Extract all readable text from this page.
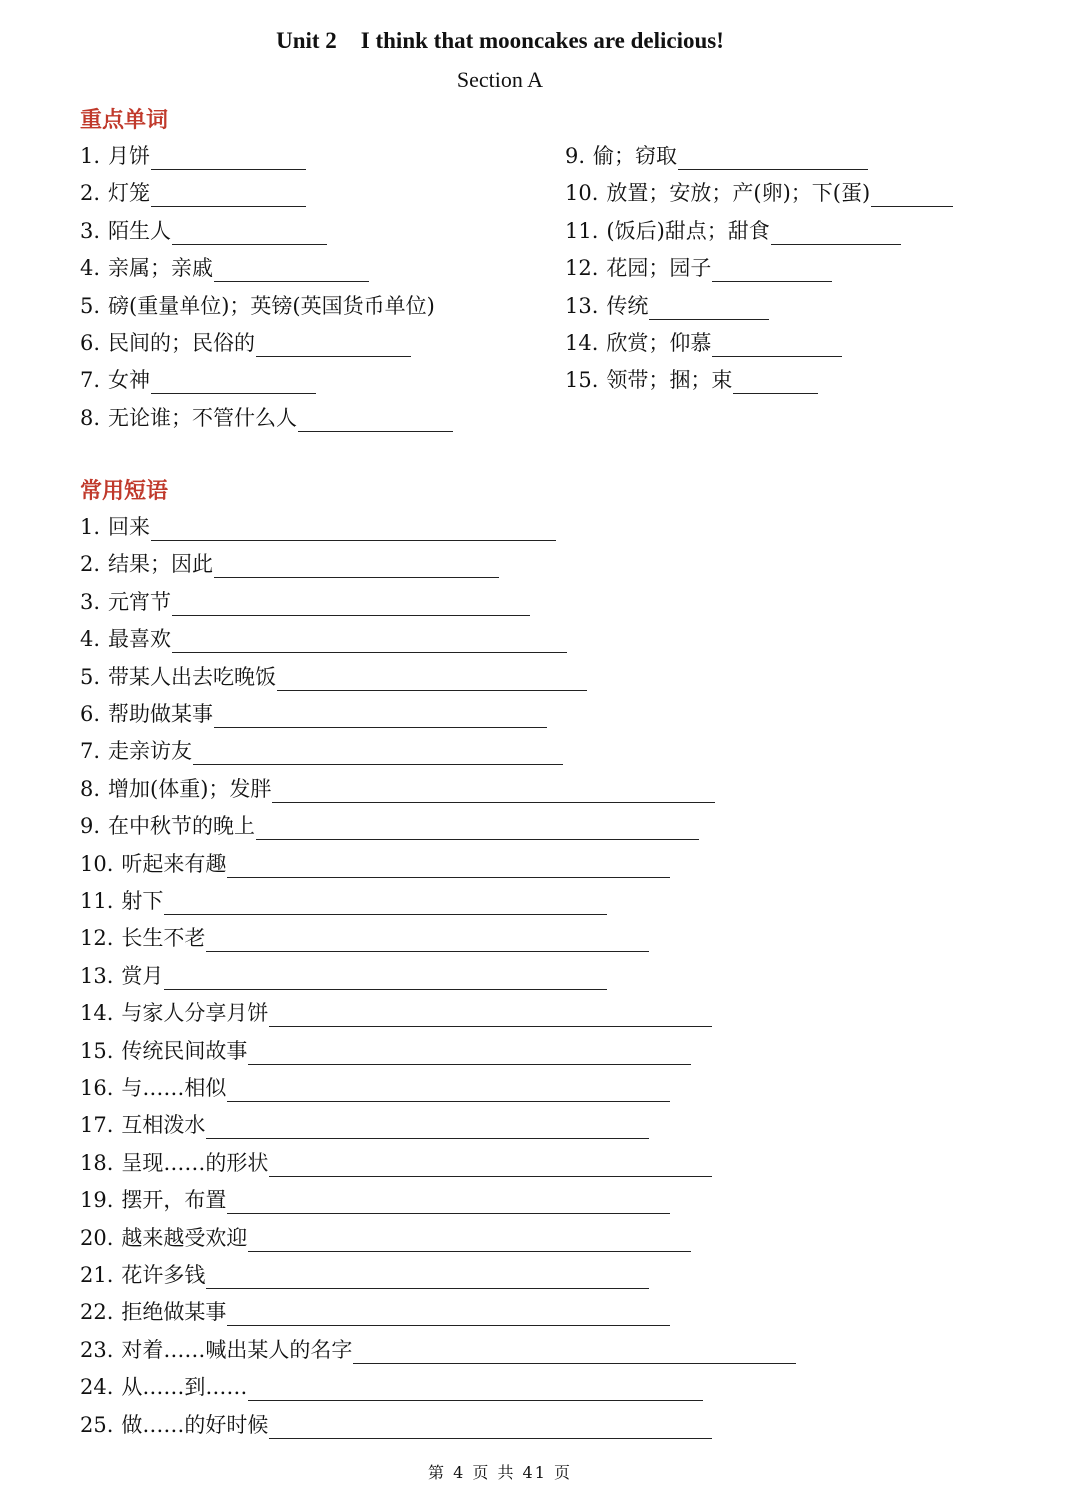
Unit 2 I think that mooncakes are delicious!
Section A
重点单词
常用短语
1. 月饼
2. 灯笼
3. 陌生人
4. 亲属；亲戚
5. 磅(重量单位)；英镑(英国货币单位)
6. 民间的；民俗的
7. 女神
8. 无论谁；不管什么人
9. 偷；窃取
10. 放置；安放；产(卵)；下(蛋)
11. (饭后)甜点；甜食
12. 花园；园子
13. 传统
14. 欣赏；仰慕
15. 领带；捆；束
1. 回来
2. 结果；因此
3. 元宵节
4. 最喜欢
5. 带某人出去吃晚饭
6. 帮助做某事
7. 走亲访友
8. 增加(体重)；发胖
9. 在中秋节的晚上
10. 听起来有趣
11. 射下
12. 长生不老
13. 赏月
14. 与家人分享月饼
15. 传统民间故事
16. 与……相似
17. 互相泼水
18. 呈现……的形状
19. 摆开，布置
20. 越来越受欢迎
21. 花许多钱
22. 拒绝做某事
23. 对着……喊出某人的名字
24. 从……到……
25. 做……的好时候
第 4 页 共 41 页
